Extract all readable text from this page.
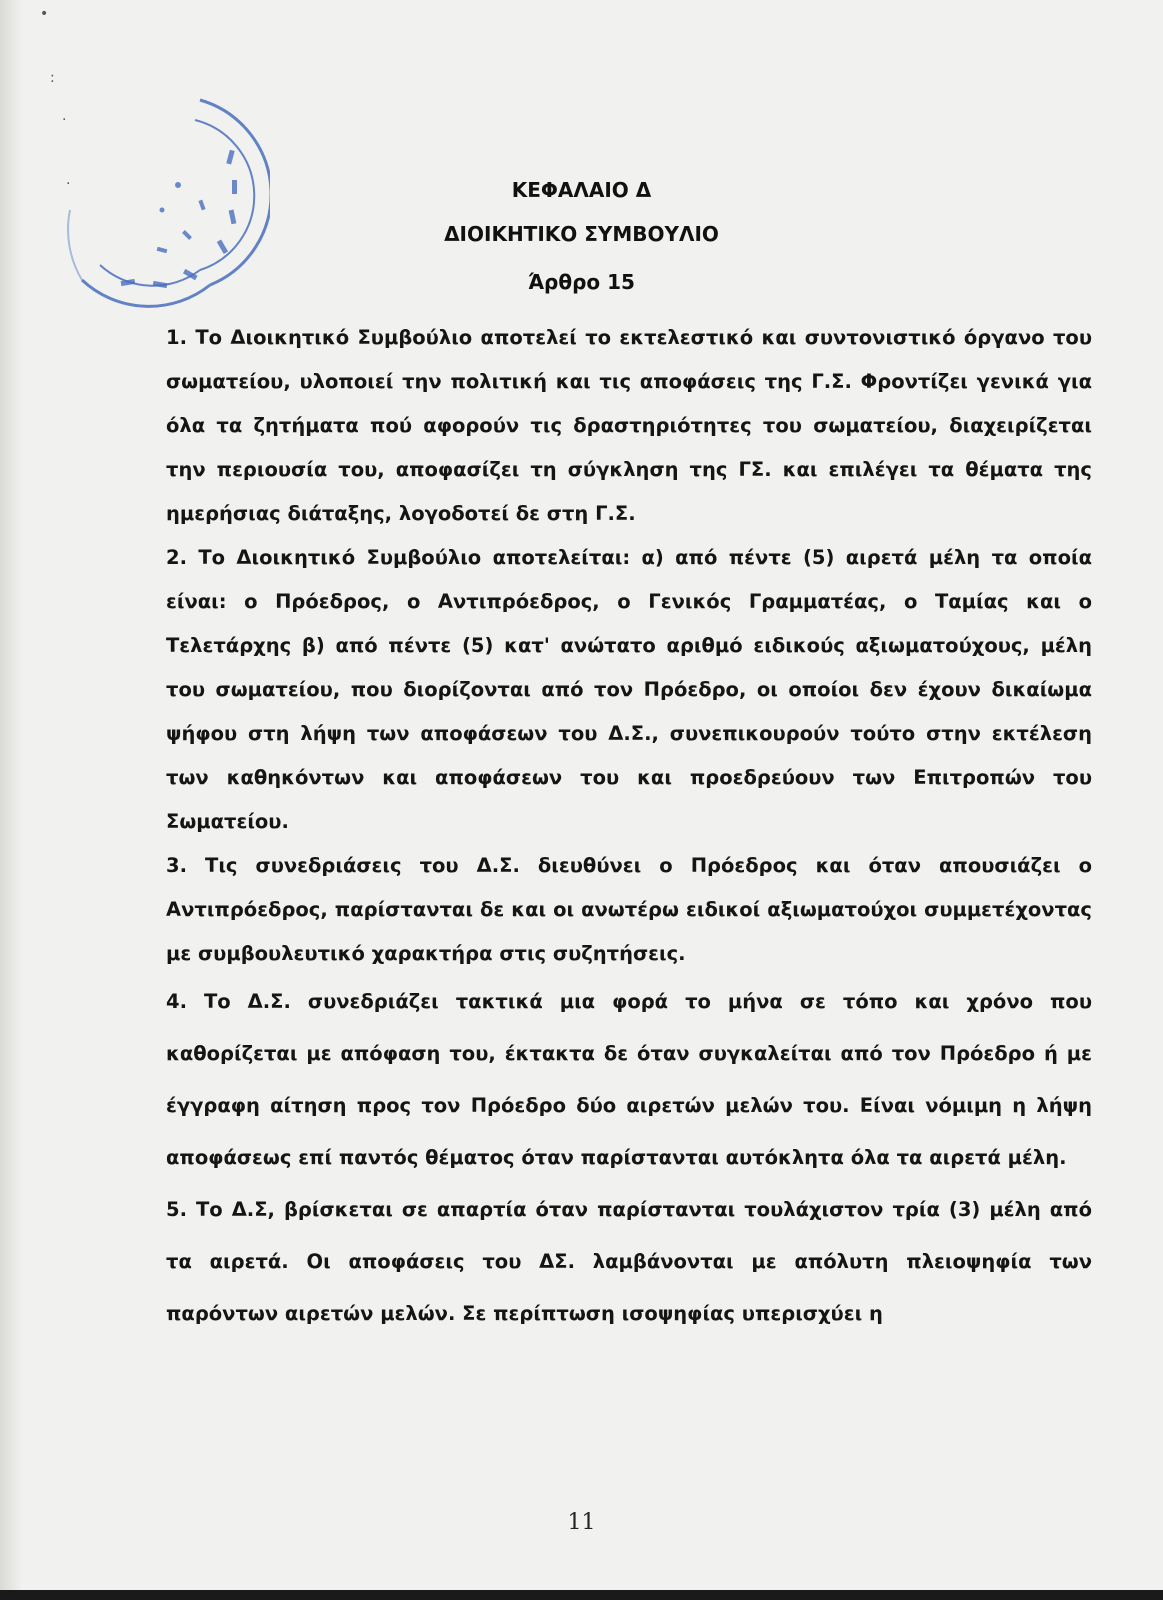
•
:
·
·	ΚΕΦΑΛΑΙΟ Δ
ΔΙΟΙΚΗΤΙΚΟ ΣΥΜΒΟΥΛΙΟ
Άρθρο 15

1. Το Διοικητικό Συμβούλιο αποτελεί το εκτελεστικό και συντονιστικό όργανο του σωματείου, υλοποιεί την πολιτική και τις αποφάσεις της Γ.Σ. Φροντίζει γενικά για όλα τα ζητήματα πού αφορούν τις δραστηριότητες του σωματείου, διαχειρίζεται την περιουσία του, αποφασίζει τη σύγκληση της ΓΣ. και επιλέγει τα θέματα της ημερήσιας διάταξης, λογοδοτεί δε στη Γ.Σ.

2. Το Διοικητικό Συμβούλιο αποτελείται: α) από πέντε (5) αιρετά μέλη τα οποία είναι: ο Πρόεδρος, ο Αντιπρόεδρος, ο Γενικός Γραμματέας, ο Ταμίας και ο Τελετάρχης β) από πέντε (5) κατ' ανώτατο αριθμό ειδικούς αξιωματούχους, μέλη του σωματείου, που διορίζονται από τον Πρόεδρο, οι οποίοι δεν έχουν δικαίωμα ψήφου στη λήψη των αποφάσεων του Δ.Σ., συνεπικουρούν τούτο στην εκτέλεση των καθηκόντων και αποφάσεων του και προεδρεύουν των Επιτροπών του Σωματείου.

3. Τις συνεδριάσεις του Δ.Σ. διευθύνει ο Πρόεδρος και όταν απουσιάζει ο Αντιπρόεδρος, παρίστανται δε και οι ανωτέρω ειδικοί αξιωματούχοι συμμετέχοντας με συμβουλευτικό χαρακτήρα στις συζητήσεις.

4. Το Δ.Σ. συνεδριάζει τακτικά μια φορά το μήνα σε τόπο και χρόνο που καθορίζεται με απόφαση του, έκτακτα δε όταν συγκαλείται από τον Πρόεδρο ή με έγγραφη αίτηση προς τον Πρόεδρο δύο αιρετών μελών του. Είναι νόμιμη η λήψη αποφάσεως επί παντός θέματος όταν παρίστανται αυτόκλητα όλα τα αιρετά μέλη.

5. Το Δ.Σ, βρίσκεται σε απαρτία όταν παρίστανται τουλάχιστον τρία (3) μέλη από τα αιρετά. Οι αποφάσεις του ΔΣ. λαμβάνονται με απόλυτη πλειοψηφία των παρόντων αιρετών μελών. Σε περίπτωση ισοψηφίας υπερισχύει η

11
